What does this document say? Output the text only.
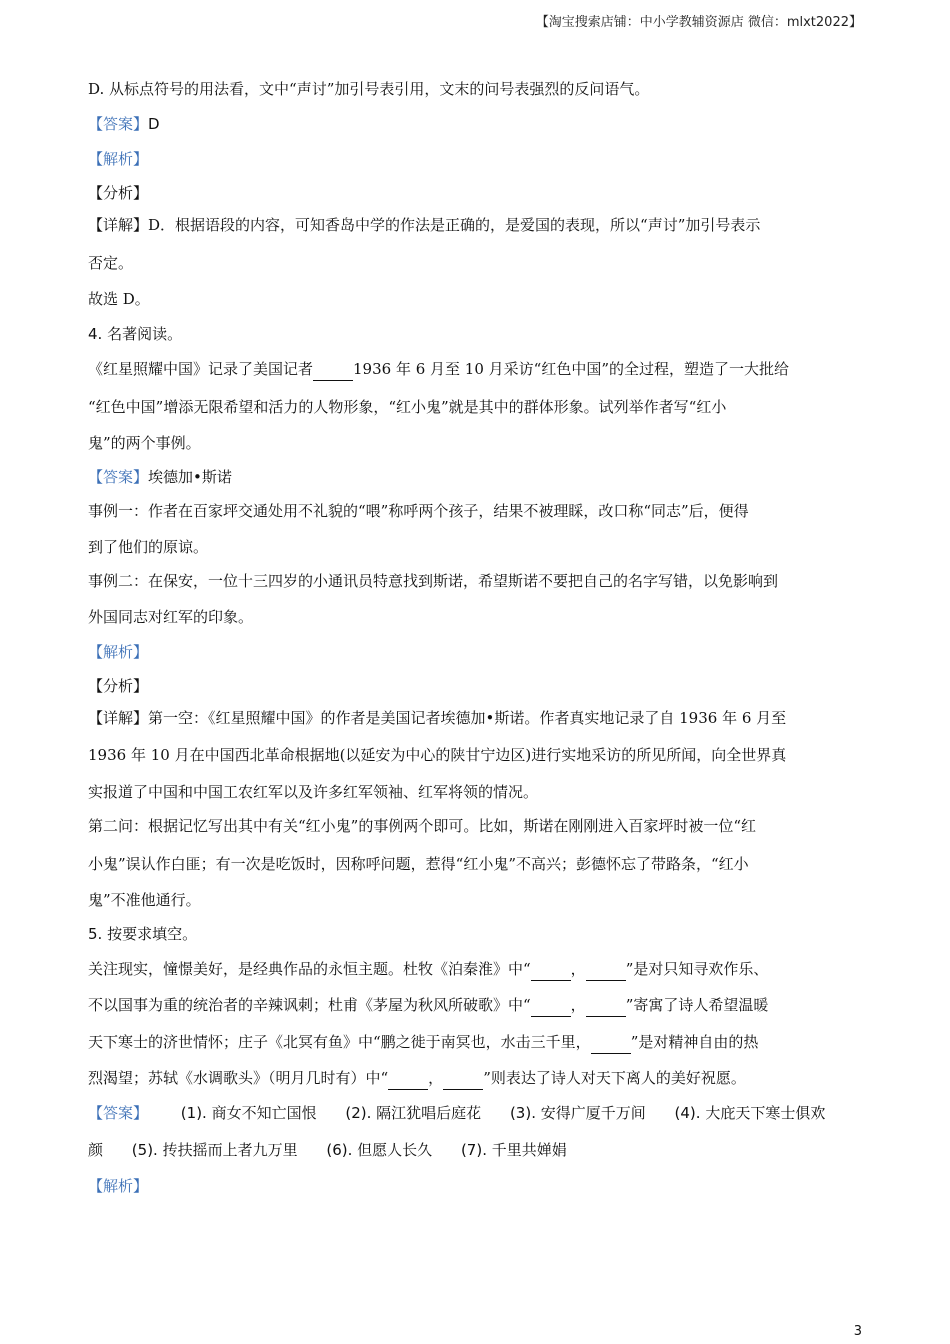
【淘宝搜索店铺：中小学教辅资源店 微信：mlxt2022】
D. 从标点符号的用法看，文中“声讨”加引号表引用，文末的问号表强烈的反问语气。
【答案】D
【解析】
【分析】
【详解】D．根据语段的内容，可知香岛中学的作法是正确的，是爱国的表现，所以“声讨”加引号表示
否定。
故选 D。
4. 名著阅读。
《红星照耀中国》记录了美国记者	1936 年 6 月至 10 月采访“红色中国”的全过程，塑造了一大批给
“红色中国”增添无限希望和活力的人物形象，“红小鬼”就是其中的群体形象。试列举作者写“红小
鬼”的两个事例。
【答案】埃德加•斯诺
事例一：作者在百家坪交通处用不礼貌的“喂”称呼两个孩子，结果不被理睬，改口称“同志”后，便得
到了他们的原谅。
事例二：在保安，一位十三四岁的小通讯员特意找到斯诺，希望斯诺不要把自己的名字写错，以免影响到
外国同志对红军的印象。
【解析】
【分析】
【详解】第一空：《红星照耀中国》的作者是美国记者埃德加•斯诺。作者真实地记录了自 1936 年 6 月至
1936 年 10 月在中国西北革命根据地(以延安为中心的陕甘宁边区)进行实地采访的所见所闻，向全世界真
实报道了中国和中国工农红军以及许多红军领袖、红军将领的情况。
第二问：根据记忆写出其中有关“红小鬼”的事例两个即可。比如，斯诺在刚刚进入百家坪时被一位“红
小鬼”误认作白匪；有一次是吃饭时，因称呼问题，惹得“红小鬼”不高兴；彭德怀忘了带路条，“红小
鬼”不准他通行。
5. 按要求填空。
关注现实，憧憬美好，是经典作品的永恒主题。杜牧《泊秦淮》中“	，	”是对只知寻欢作乐、
不以国事为重的统治者的辛辣讽刺；杜甫《茅屋为秋风所破歌》中“	，	”寄寓了诗人希望温暖
天下寒士的济世情怀；庄子《北冥有鱼》中“鹏之徙于南冥也，水击三千里，	”是对精神自由的热
烈渴望；苏轼《水调歌头》（明月几时有）中“	，	”则表达了诗人对天下离人的美好祝愿。
【答案】 (1). 商女不知亡国恨 (2). 隔江犹唱后庭花 (3). 安得广厦千万间 (4). 大庇天下寒士俱欢
颜 (5). 抟扶摇而上者九万里 (6). 但愿人长久 (7). 千里共婵娟
【解析】
3
